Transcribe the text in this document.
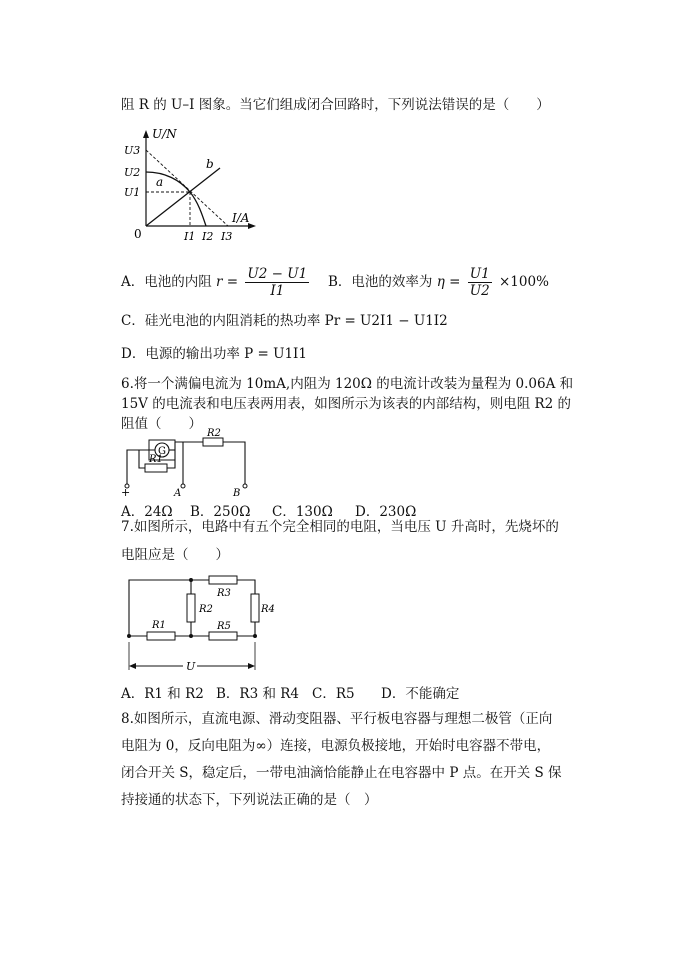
阻 R 的 U–I 图象。当它们组成闭合回路时，下列说法错误的是（　　）
U/N
I/A
0
U3
U2
U1
I1 I2 I3
a
b
A．电池的内阻 $r = \frac{U2 - U1}{I1}$ B．电池的效率为 $\eta = \frac{U1}{U2} \times 100\%$
C．硅光电池的内阻消耗的热功率 Pr = U2I1 − U1I2
D．电源的输出功率 P = U1I1
6.将一个满偏电流为 10mA,内阻为 120Ω 的电流计改装为量程为 0.06A 和
15V 的电流表和电压表两用表，如图所示为该表的内部结构，则电阻 R2 的
阻值（　　）
G
R1
R2
+	A	B
A．24Ω B．250Ω C．130Ω D．230Ω
7.如图所示，电路中有五个完全相同的电阻，当电压 U 升高时，先烧坏的
电阻应是（　　）
R1
R2
R3
R4
R5
U
A．R1 和 R2 B．R3 和 R4 C．R5 D．不能确定
8.如图所示，直流电源、滑动变阻器、平行板电容器与理想二极管（正向
电阻为 0，反向电阻为∞）连接，电源负极接地，开始时电容器不带电，
闭合开关 S，稳定后，一带电油滴恰能静止在电容器中 P 点。在开关 S 保
持接通的状态下，下列说法正确的是（　）
